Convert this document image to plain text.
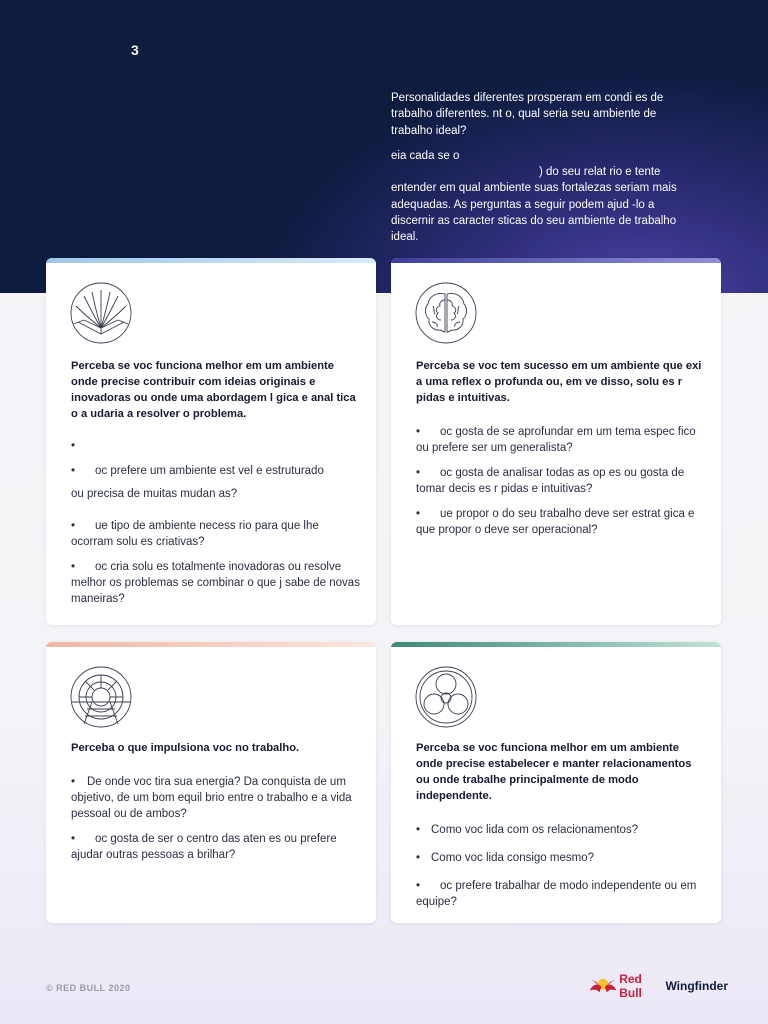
3

Personalidades diferentes prosperam em condi es de trabalho diferentes. nt o, qual seria seu ambiente de trabalho ideal?

eia cada se o
) do seu relat rio e tente entender em qual ambiente suas fortalezas seriam mais adequadas. As perguntas a seguir podem ajud -lo a discernir as caracter sticas do seu ambiente de trabalho ideal.

Perceba se voc funciona melhor em um ambiente onde precise contribuir com ideias originais e inovadoras ou onde uma abordagem l gica e anal tica o a udaria a resolver o problema.
•
• oc prefere um ambiente est vel e estruturado
ou precisa de muitas mudan as?
• ue tipo de ambiente necess rio para que lhe ocorram solu es criativas?
• oc cria solu es totalmente inovadoras ou resolve melhor os problemas se combinar o que j sabe de novas maneiras?
Perceba se voc tem sucesso em um ambiente que exi a uma reflex o profunda ou, em ve disso, solu es r pidas e intuitivas.
• oc gosta de se aprofundar em um tema espec fico ou prefere ser um generalista?
• oc gosta de analisar todas as op es ou gosta de tomar decis es r pidas e intuitivas?
• ue propor o do seu trabalho deve ser estrat gica e que propor o deve ser operacional?
Perceba o que impulsiona voc no trabalho.
• De onde voc tira sua energia? Da conquista de um objetivo, de um bom equil brio entre o trabalho e a vida pessoal ou de ambos?
• oc gosta de ser o centro das aten es ou prefere ajudar outras pessoas a brilhar?
Perceba se voc funciona melhor em um ambiente onde precise estabelecer e manter relacionamentos ou onde trabalhe principalmente de modo independente.
• Como voc lida com os relacionamentos?
• Como voc lida consigo mesmo?
• oc prefere trabalhar de modo independente ou em equipe?
© RED BULL 2020
Red Bull	Wingfinder
